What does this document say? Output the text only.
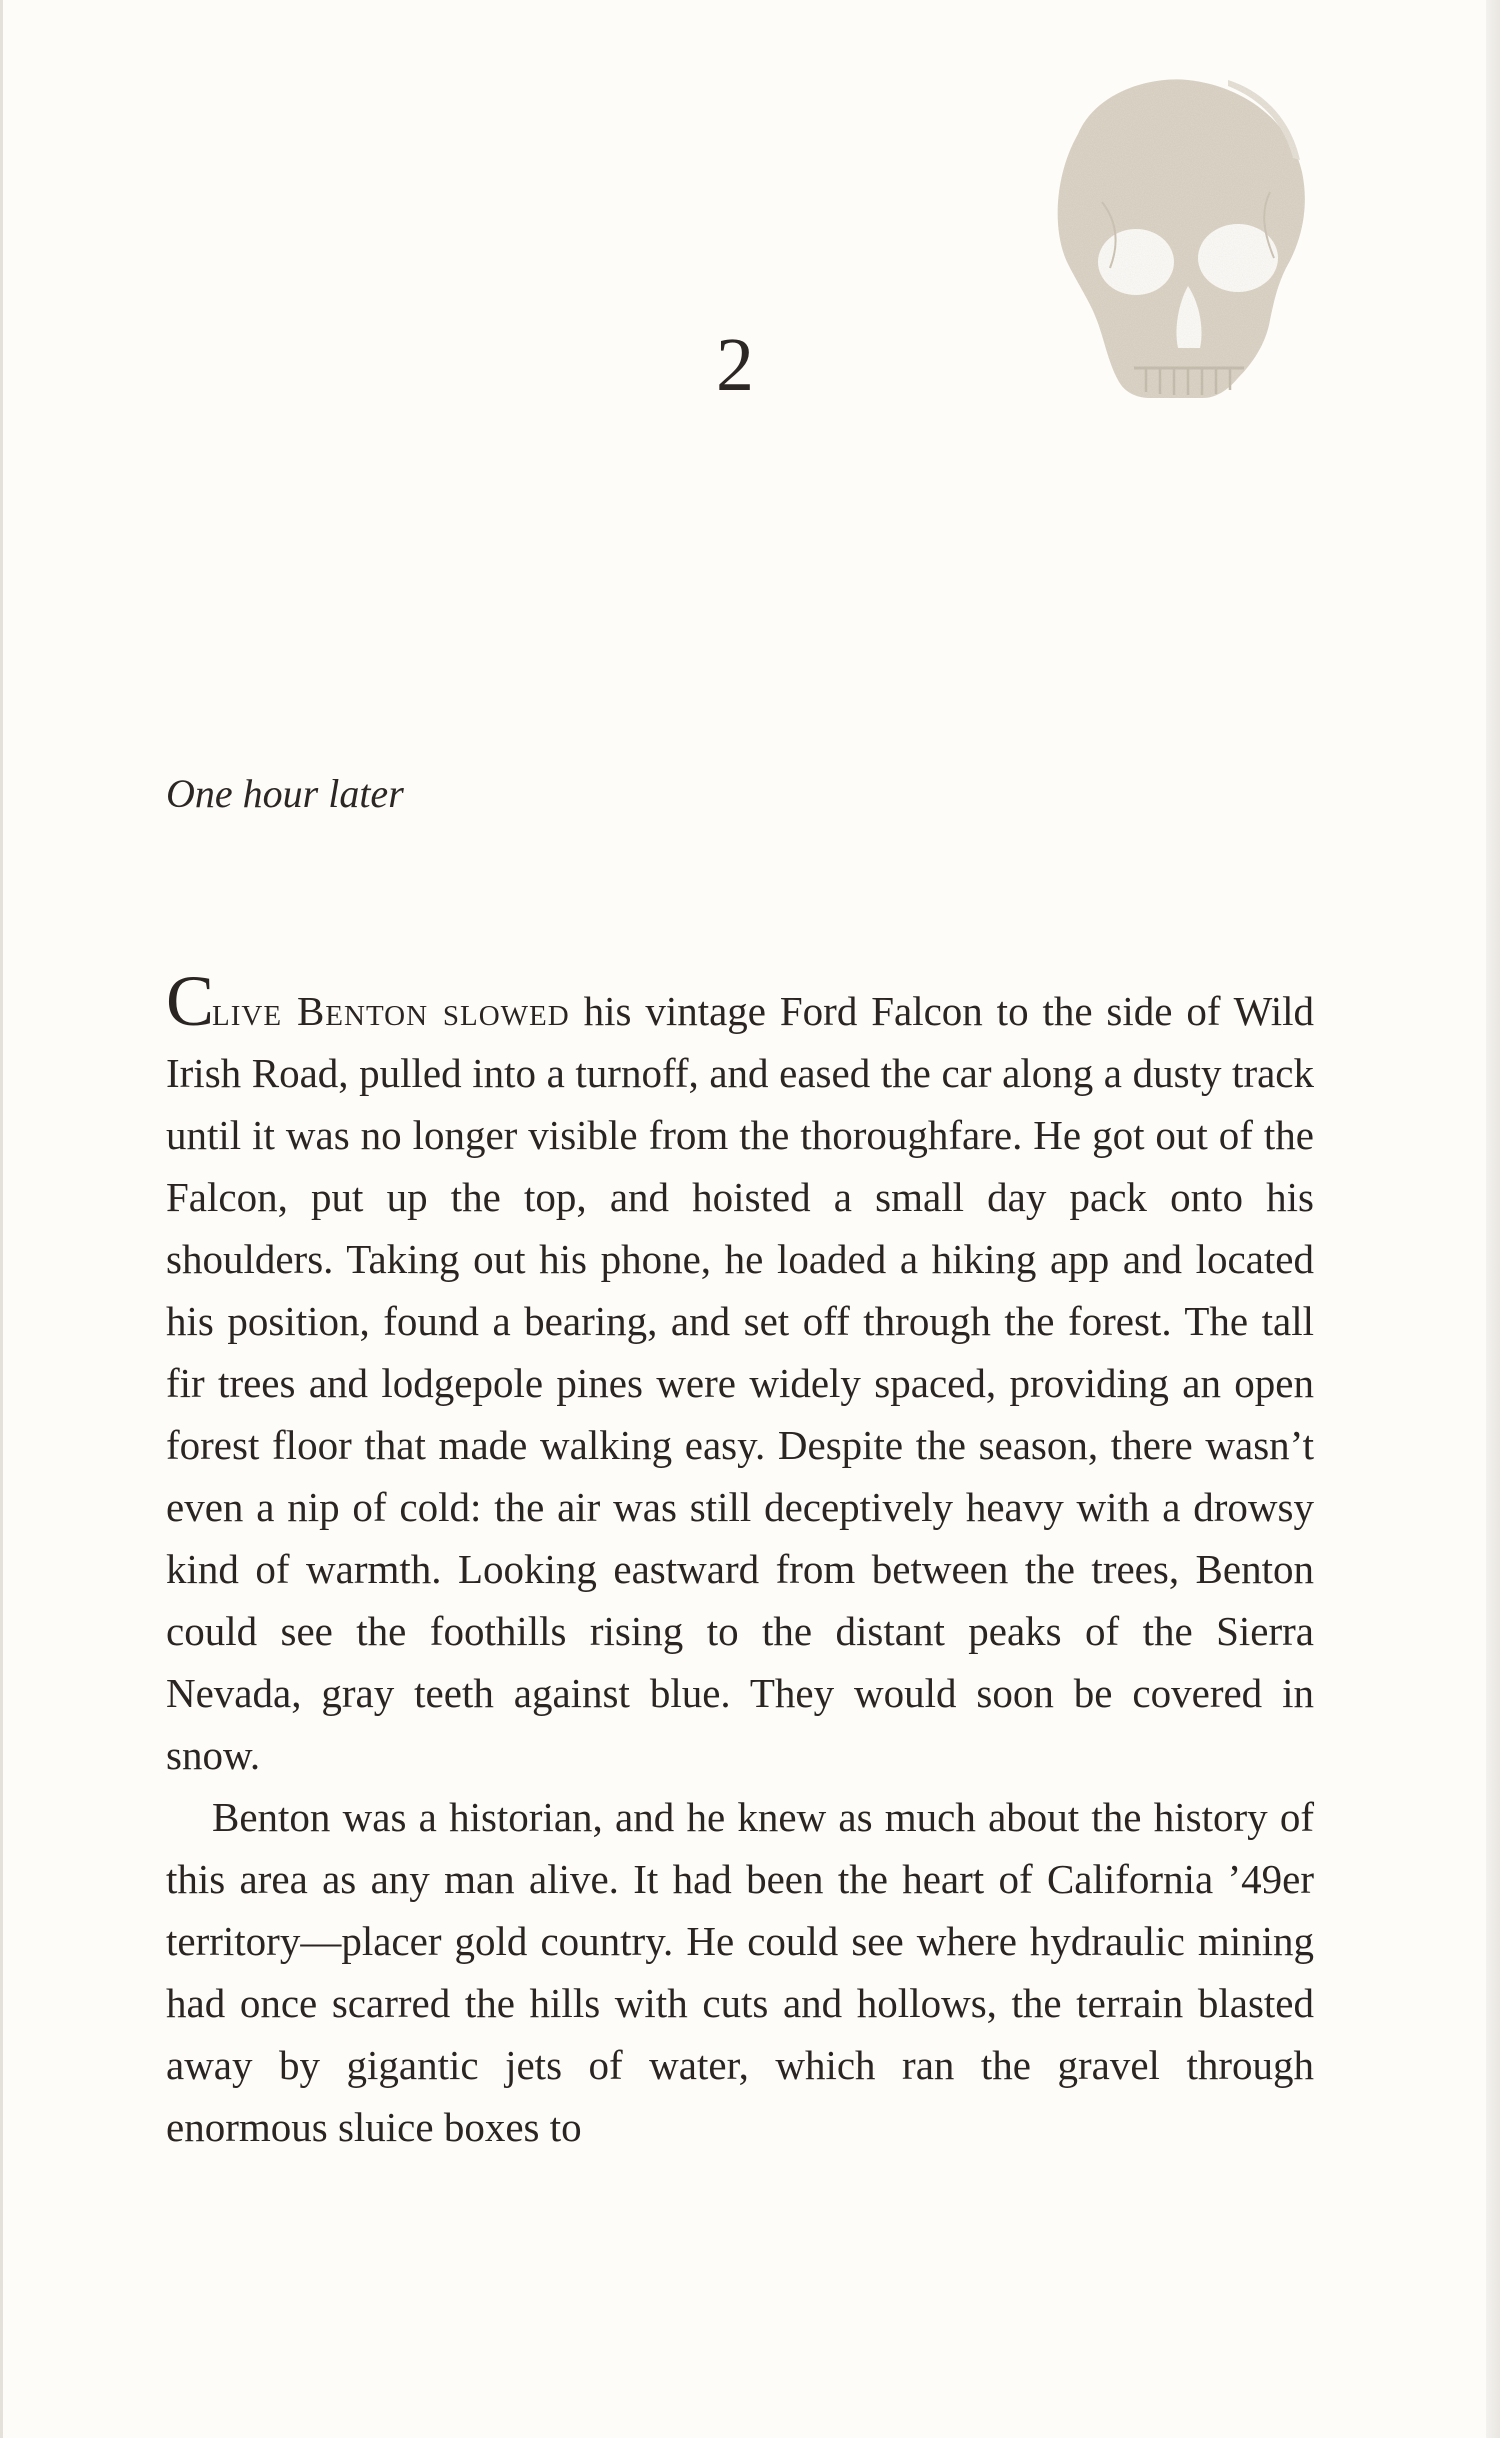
2
One hour later

Clive Benton slowed his vintage Ford Falcon to the side of Wild Irish Road, pulled into a turnoff, and eased the car along a dusty track until it was no longer visible from the thoroughfare. He got out of the Falcon, put up the top, and hoisted a small day pack onto his shoulders. Taking out his phone, he loaded a hiking app and located his position, found a bearing, and set off through the forest. The tall fir trees and lodgepole pines were widely spaced, providing an open forest floor that made walking easy. Despite the season, there wasn’t even a nip of cold: the air was still deceptively heavy with a drowsy kind of warmth. Looking eastward from between the trees, Benton could see the foothills rising to the distant peaks of the Sierra Nevada, gray teeth against blue. They would soon be covered in snow.

Benton was a historian, and he knew as much about the history of this area as any man alive. It had been the heart of California ’49er territory—placer gold country. He could see where hydraulic mining had once scarred the hills with cuts and hollows, the terrain blasted away by gigantic jets of water, which ran the gravel through enormous sluice boxes to
